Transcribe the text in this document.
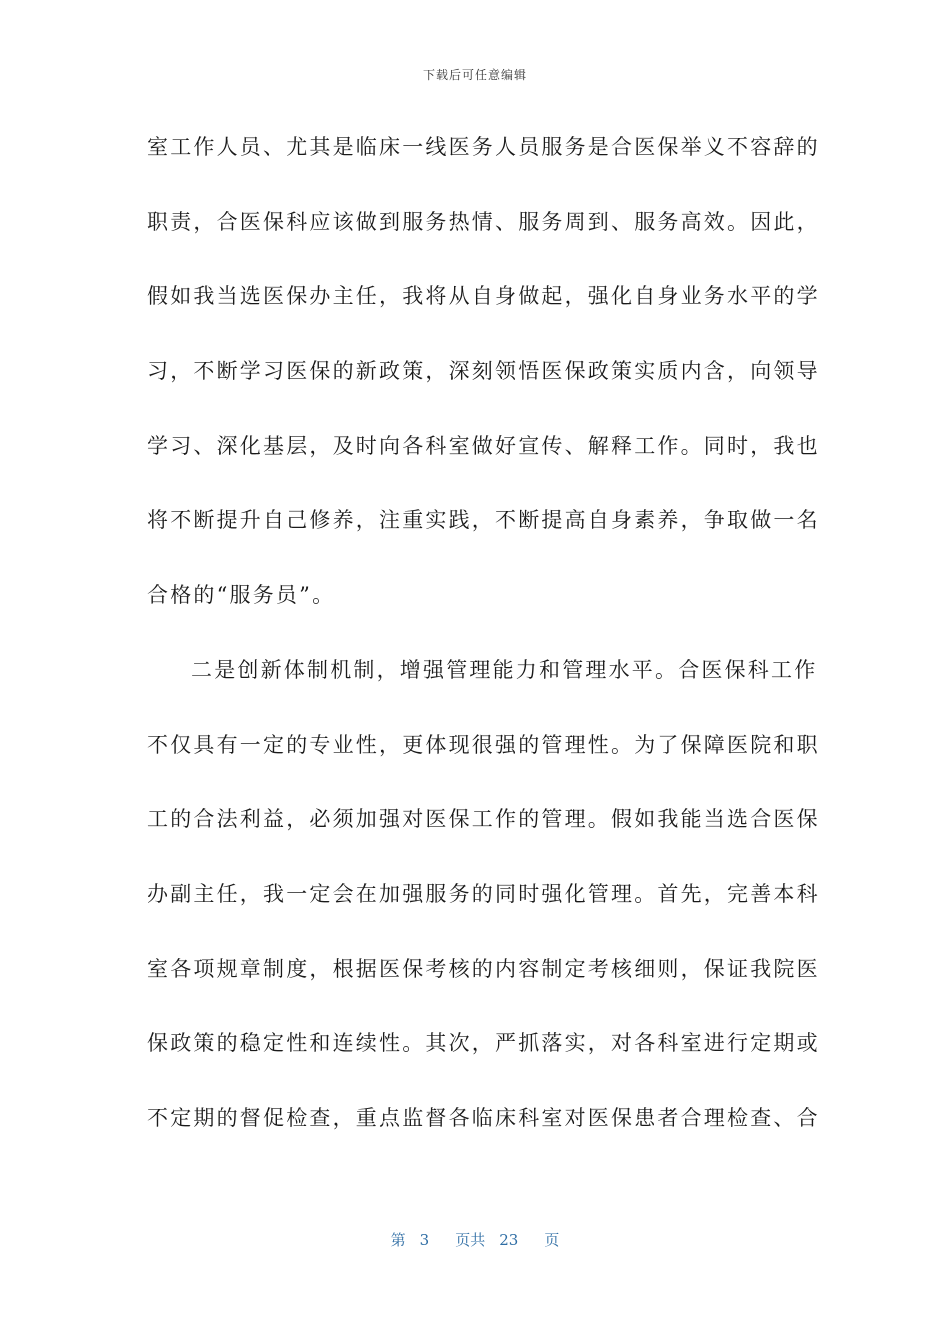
下载后可任意编辑
室工作人员、尤其是临床一线医务人员服务是合医保举义不容辞的
职责，合医保科应该做到服务热情、服务周到、服务高效。因此，
假如我当选医保办主任，我将从自身做起，强化自身业务水平的学
习，不断学习医保的新政策，深刻领悟医保政策实质内含，向领导
学习、深化基层，及时向各科室做好宣传、解释工作。同时，我也
将不断提升自己修养，注重实践，不断提高自身素养，争取做一名
合格的“服务员”。
二是创新体制机制，增强管理能力和管理水平。合医保科工作
不仅具有一定的专业性，更体现很强的管理性。为了保障医院和职
工的合法利益，必须加强对医保工作的管理。假如我能当选合医保
办副主任，我一定会在加强服务的同时强化管理。首先，完善本科
室各项规章制度，根据医保考核的内容制定考核细则，保证我院医
保政策的稳定性和连续性。其次，严抓落实，对各科室进行定期或
不定期的督促检查，重点监督各临床科室对医保患者合理检查、合
第 3 页共 23 页
